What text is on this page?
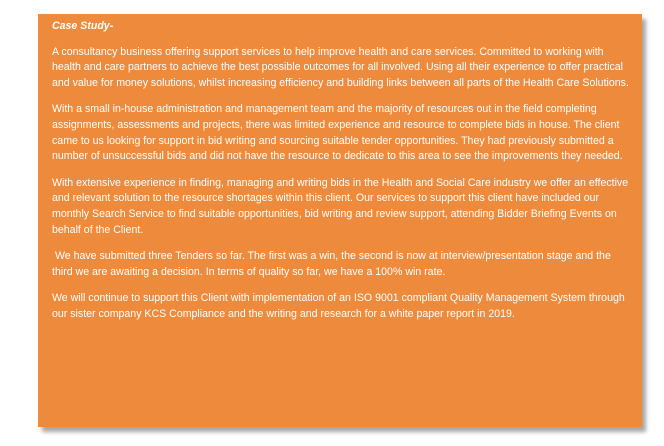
Case Study-
A consultancy business offering support services to help improve health and care services. Committed to working with health and care partners to achieve the best possible outcomes for all involved. Using all their experience to offer practical and value for money solutions, whilst increasing efficiency and building links between all parts of the Health Care Solutions.
With a small in-house administration and management team and the majority of resources out in the field completing assignments, assessments and projects, there was limited experience and resource to complete bids in house. The client came to us looking for support in bid writing and sourcing suitable tender opportunities. They had previously submitted a number of unsuccessful bids and did not have the resource to dedicate to this area to see the improvements they needed.
With extensive experience in finding, managing and writing bids in the Health and Social Care industry we offer an effective and relevant solution to the resource shortages within this client. Our services to support this client have included our monthly Search Service to find suitable opportunities, bid writing and review support, attending Bidder Briefing Events on behalf of the Client.
We have submitted three Tenders so far. The first was a win, the second is now at interview/presentation stage and the third we are awaiting a decision. In terms of quality so far, we have a 100% win rate.
We will continue to support this Client with implementation of an ISO 9001 compliant Quality Management System through our sister company KCS Compliance and the writing and research for a white paper report in 2019.
